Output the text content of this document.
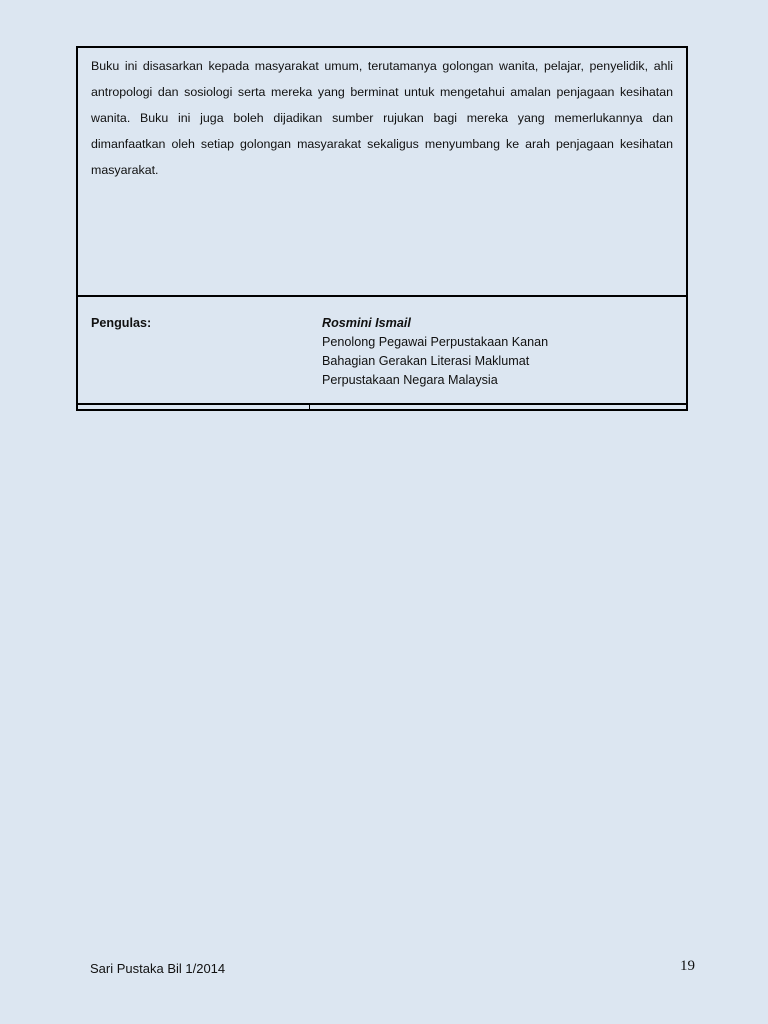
Buku ini disasarkan kepada masyarakat umum, terutamanya golongan wanita, pelajar, penyelidik, ahli antropologi dan sosiologi serta mereka yang berminat untuk mengetahui amalan penjagaan kesihatan wanita. Buku ini juga boleh dijadikan sumber rujukan bagi mereka yang memerlukannya dan dimanfaatkan oleh setiap golongan masyarakat sekaligus menyumbang ke arah penjagaan kesihatan masyarakat.

Pengulas:	Rosmini Ismail
Penolong Pegawai Perpustakaan Kanan
Bahagian Gerakan Literasi Maklumat
Perpustakaan Negara Malaysia
Sari Pustaka Bil 1/2014	19
